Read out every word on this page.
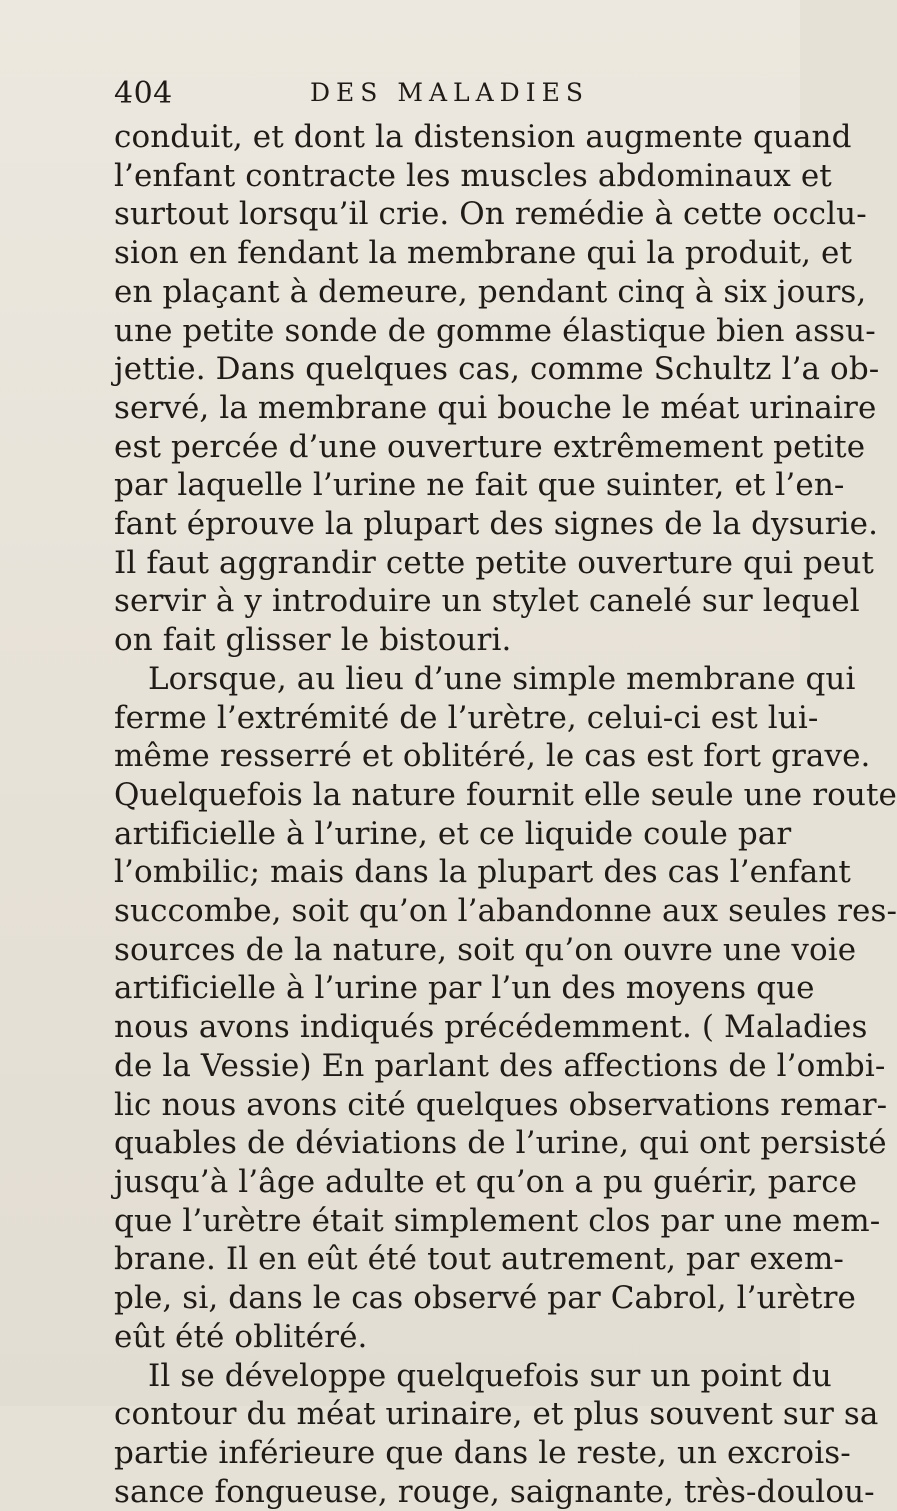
404	DES MALADIES
conduit, et dont la distension augmente quand
l’enfant contracte les muscles abdominaux et
surtout lorsqu’il crie. On remédie à cette occlu-
sion en fendant la membrane qui la produit, et
en plaçant à demeure, pendant cinq à six jours,
une petite sonde de gomme élastique bien assu-
jettie. Dans quelques cas, comme Schultz l’a ob-
servé, la membrane qui bouche le méat urinaire
est percée d’une ouverture extrêmement petite
par laquelle l’urine ne fait que suinter, et l’en-
fant éprouve la plupart des signes de la dysurie.
Il faut aggrandir cette petite ouverture qui peut
servir à y introduire un stylet canelé sur lequel
on fait glisser le bistouri.
Lorsque, au lieu d’une simple membrane qui
ferme l’extrémité de l’urètre, celui-ci est lui-
même resserré et oblitéré, le cas est fort grave.
Quelquefois la nature fournit elle seule une route
artificielle à l’urine, et ce liquide coule par
l’ombilic; mais dans la plupart des cas l’enfant
succombe, soit qu’on l’abandonne aux seules res-
sources de la nature, soit qu’on ouvre une voie
artificielle à l’urine par l’un des moyens que
nous avons indiqués précédemment. ( Maladies
de la Vessie) En parlant des affections de l’ombi-
lic nous avons cité quelques observations remar-
quables de déviations de l’urine, qui ont persisté
jusqu’à l’âge adulte et qu’on a pu guérir, parce
que l’urètre était simplement clos par une mem-
brane. Il en eût été tout autrement, par exem-
ple, si, dans le cas observé par Cabrol, l’urètre
eût été oblitéré.
Il se développe quelquefois sur un point du
contour du méat urinaire, et plus souvent sur sa
partie inférieure que dans le reste, un excrois-
sance fongueuse, rouge, saignante, très-doulou-
